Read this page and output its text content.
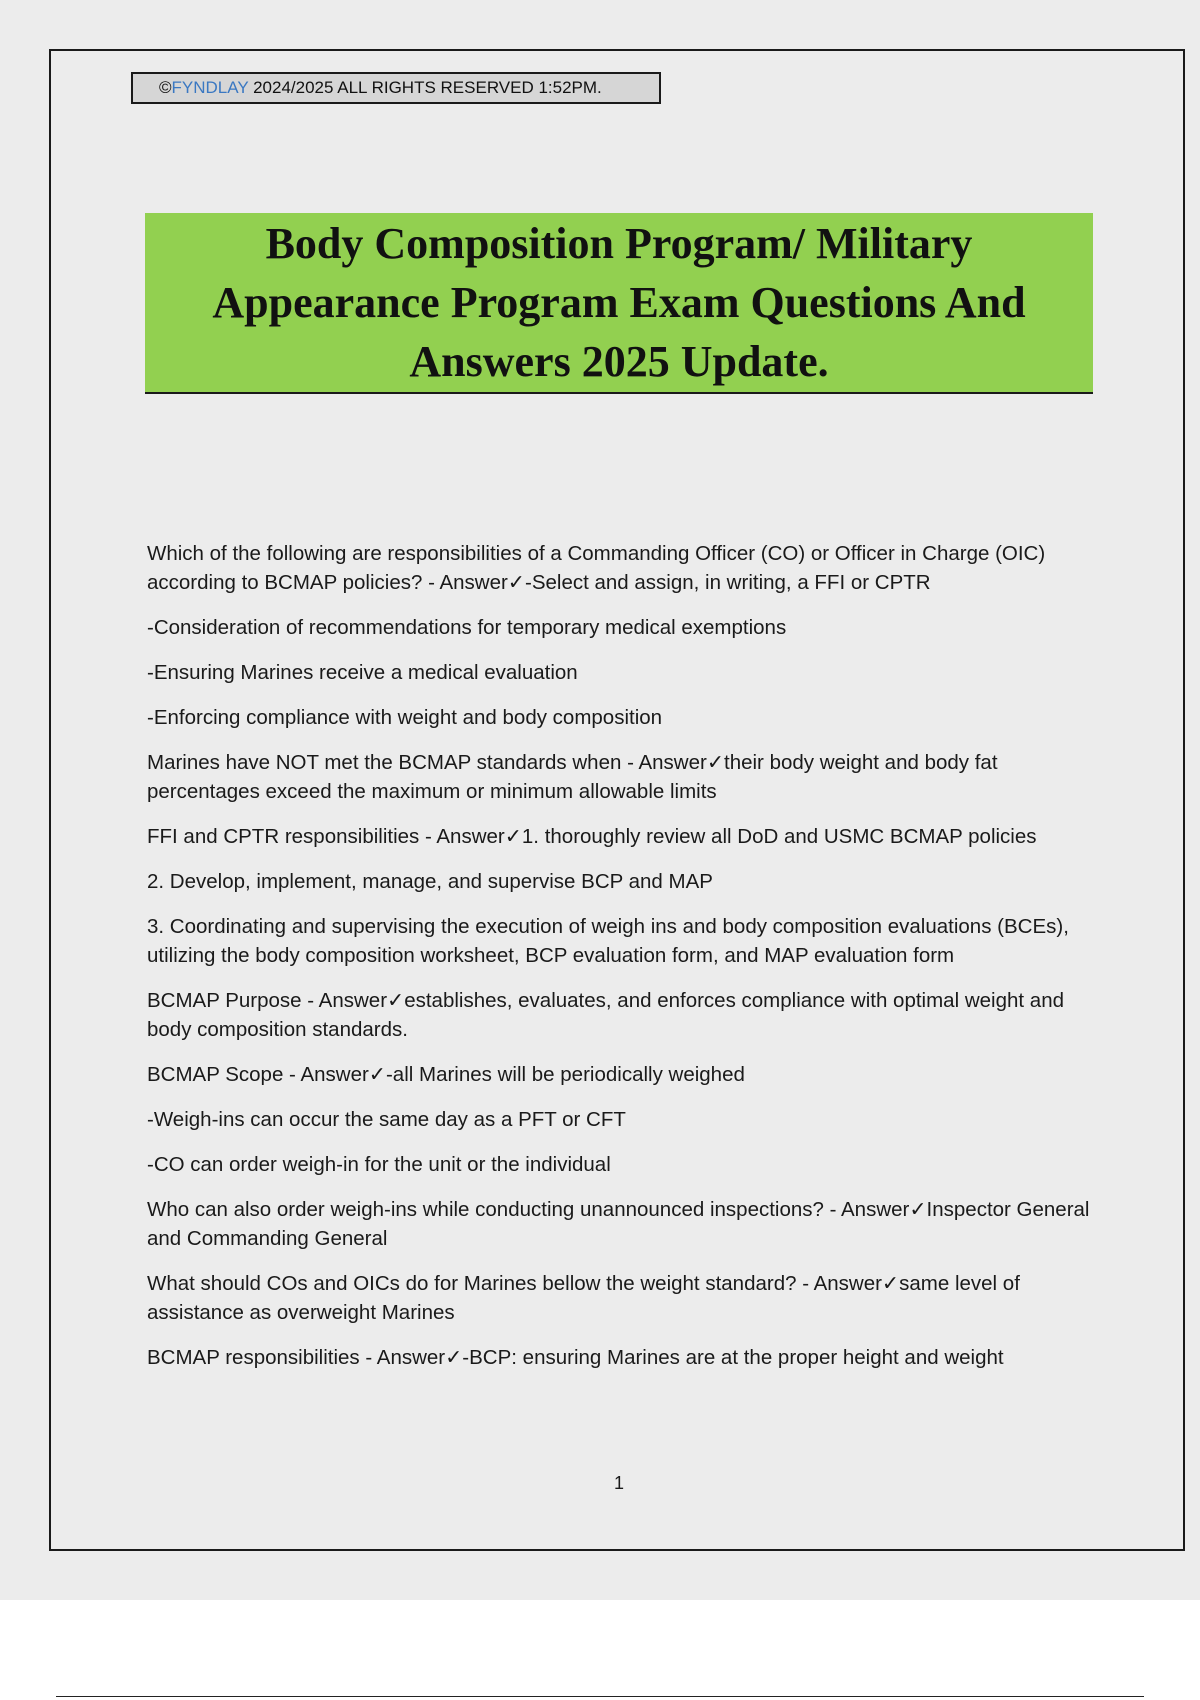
©FYNDLAY 2024/2025 ALL RIGHTS RESERVED 1:52PM.
Body Composition Program/ Military Appearance Program Exam Questions And Answers 2025 Update.

Which of the following are responsibilities of a Commanding Officer (CO) or Officer in Charge (OIC) according to BCMAP policies? - Answer✓-Select and assign, in writing, a FFI or CPTR

-Consideration of recommendations for temporary medical exemptions

-Ensuring Marines receive a medical evaluation

-Enforcing compliance with weight and body composition

Marines have NOT met the BCMAP standards when - Answer✓their body weight and body fat percentages exceed the maximum or minimum allowable limits

FFI and CPTR responsibilities - Answer✓1. thoroughly review all DoD and USMC BCMAP policies

2. Develop, implement, manage, and supervise BCP and MAP

3. Coordinating and supervising the execution of weigh ins and body composition evaluations (BCEs), utilizing the body composition worksheet, BCP evaluation form, and MAP evaluation form

BCMAP Purpose - Answer✓establishes, evaluates, and enforces compliance with optimal weight and body composition standards.

BCMAP Scope - Answer✓-all Marines will be periodically weighed

-Weigh-ins can occur the same day as a PFT or CFT

-CO can order weigh-in for the unit or the individual

Who can also order weigh-ins while conducting unannounced inspections? - Answer✓Inspector General and Commanding General

What should COs and OICs do for Marines bellow the weight standard? - Answer✓same level of assistance as overweight Marines

BCMAP responsibilities - Answer✓-BCP: ensuring Marines are at the proper height and weight

1
